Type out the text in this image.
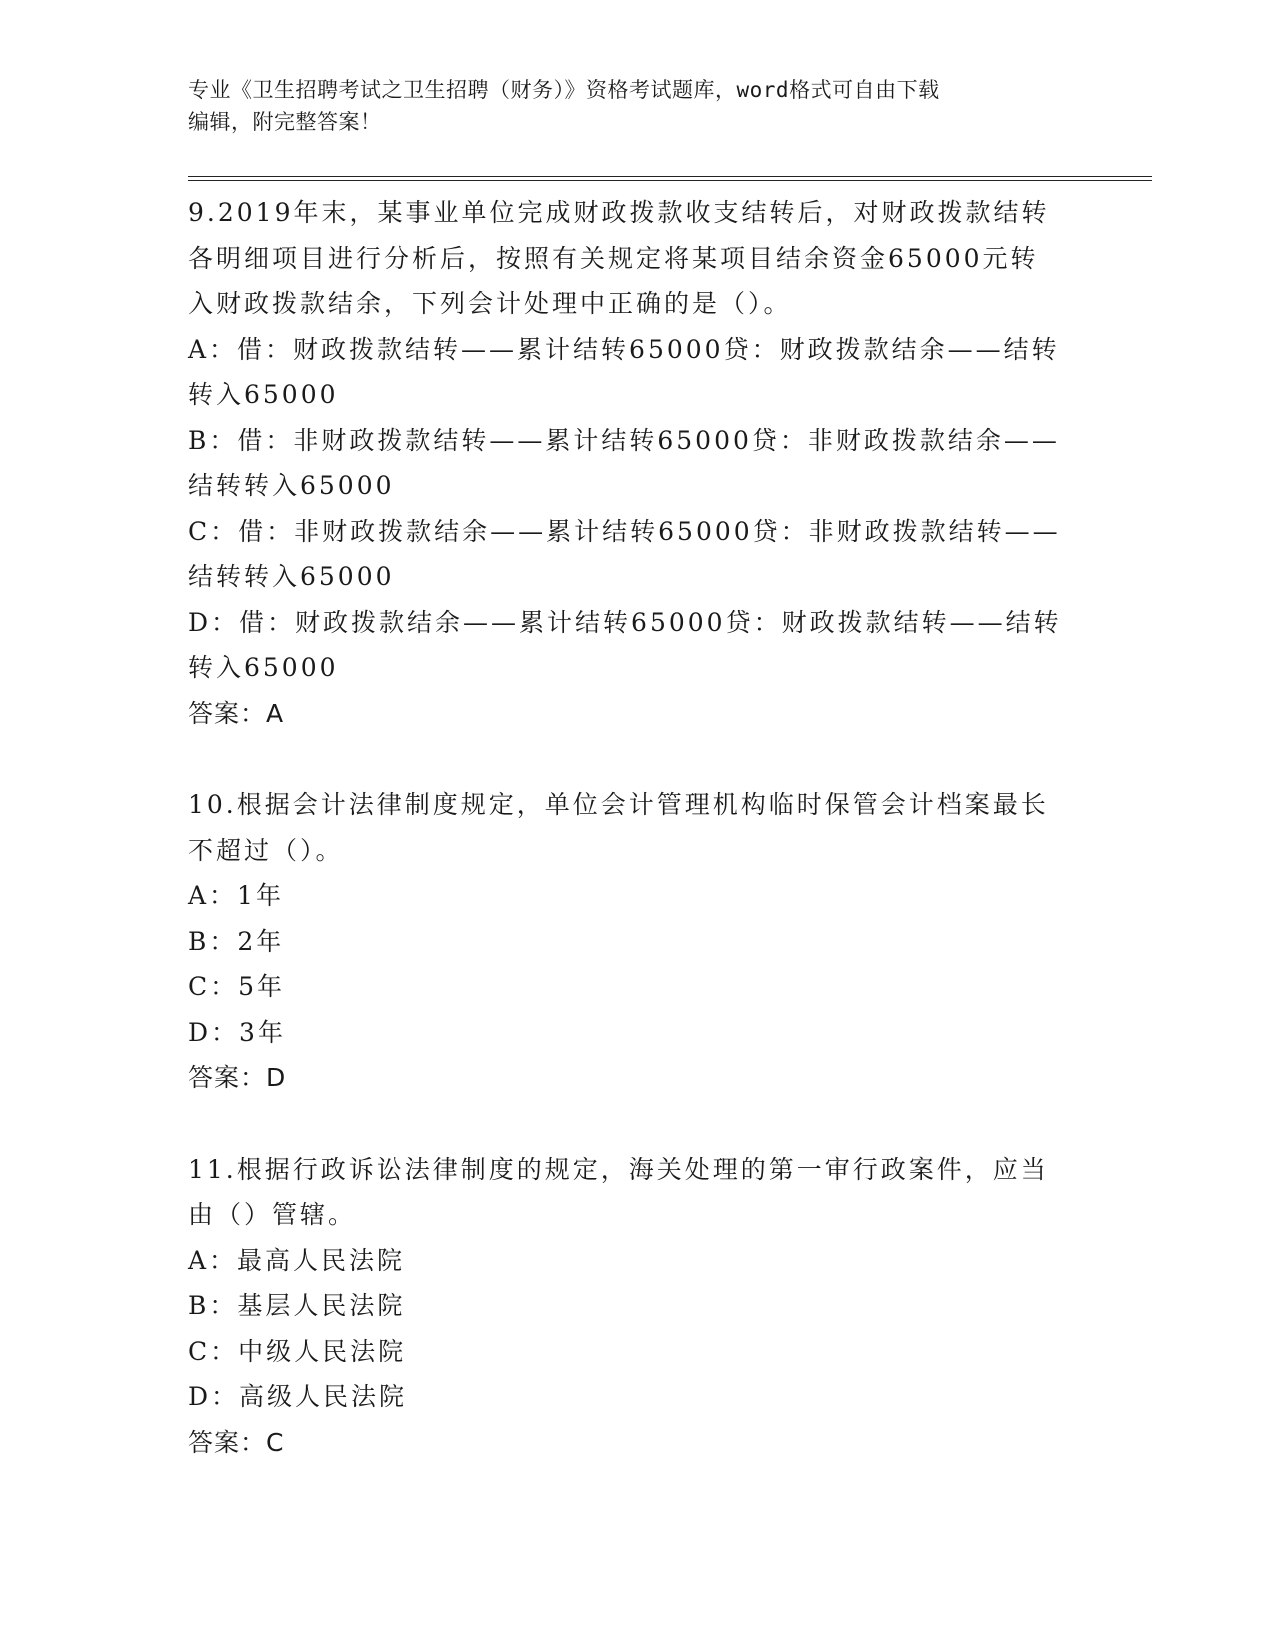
专业《卫生招聘考试之卫生招聘（财务）》资格考试题库，word格式可自由下载
编辑，附完整答案！
9.2019年末，某事业单位完成财政拨款收支结转后，对财政拨款结转
各明细项目进行分析后，按照有关规定将某项目结余资金65000元转
入财政拨款结余，下列会计处理中正确的是（）。
A：借：财政拨款结转——累计结转65000贷：财政拨款结余——结转
转入65000
B：借：非财政拨款结转——累计结转65000贷：非财政拨款结余——
结转转入65000
C：借：非财政拨款结余——累计结转65000贷：非财政拨款结转——
结转转入65000
D：借：财政拨款结余——累计结转65000贷：财政拨款结转——结转
转入65000
答案：A
10.根据会计法律制度规定，单位会计管理机构临时保管会计档案最长
不超过（）。
A：1年
B：2年
C：5年
D：3年
答案：D
11.根据行政诉讼法律制度的规定，海关处理的第一审行政案件，应当
由（）管辖。
A：最高人民法院
B：基层人民法院
C：中级人民法院
D：高级人民法院
答案：C
